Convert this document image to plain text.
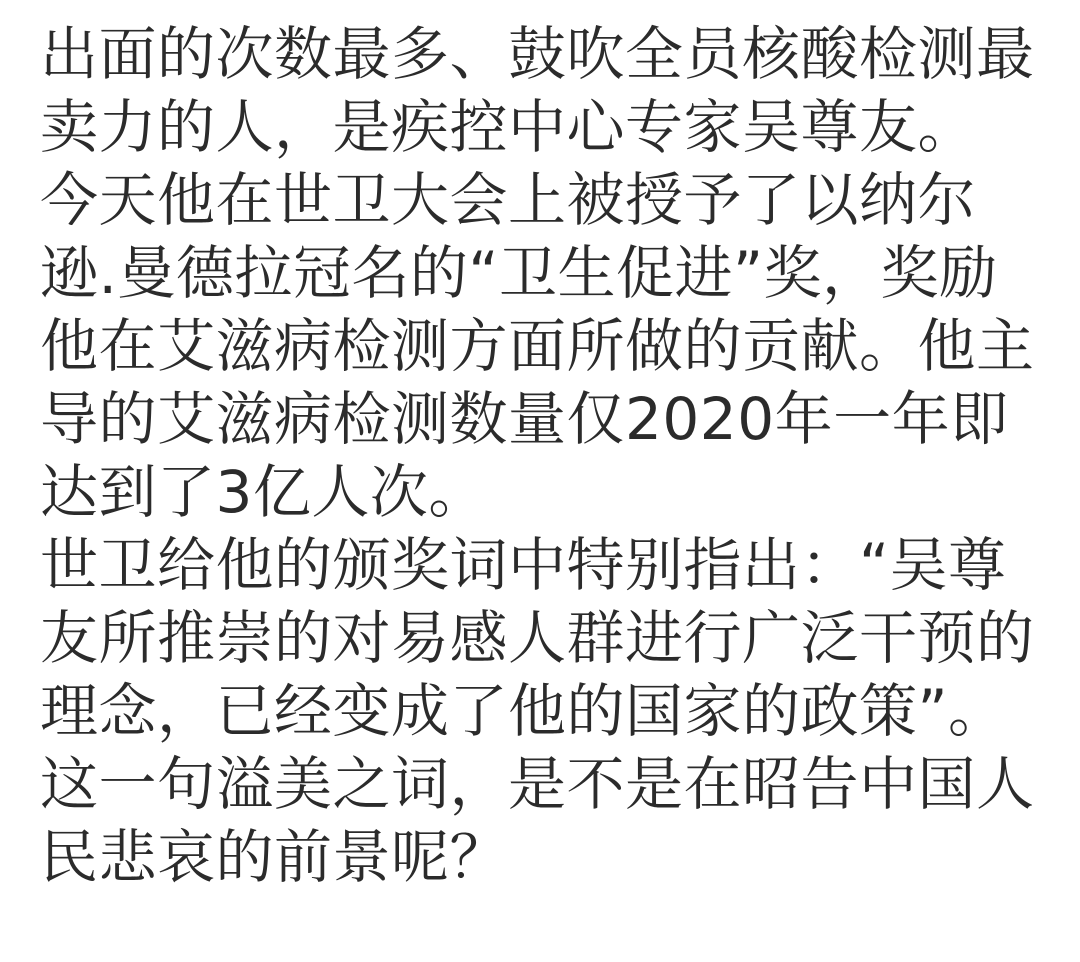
出面的次数最多、鼓吹全员核酸检测最卖力的人，是疾控中心专家吴尊友。

今天他在世卫大会上被授予了以纳尔逊.曼德拉冠名的“卫生促进”奖，奖励他在艾滋病检测方面所做的贡献。他主导的艾滋病检测数量仅2020年一年即达到了3亿人次。

世卫给他的颁奖词中特别指出：“吴尊友所推崇的对易感人群进行广泛干预的理念，已经变成了他的国家的政策”。

这一句溢美之词，是不是在昭告中国人民悲哀的前景呢？
